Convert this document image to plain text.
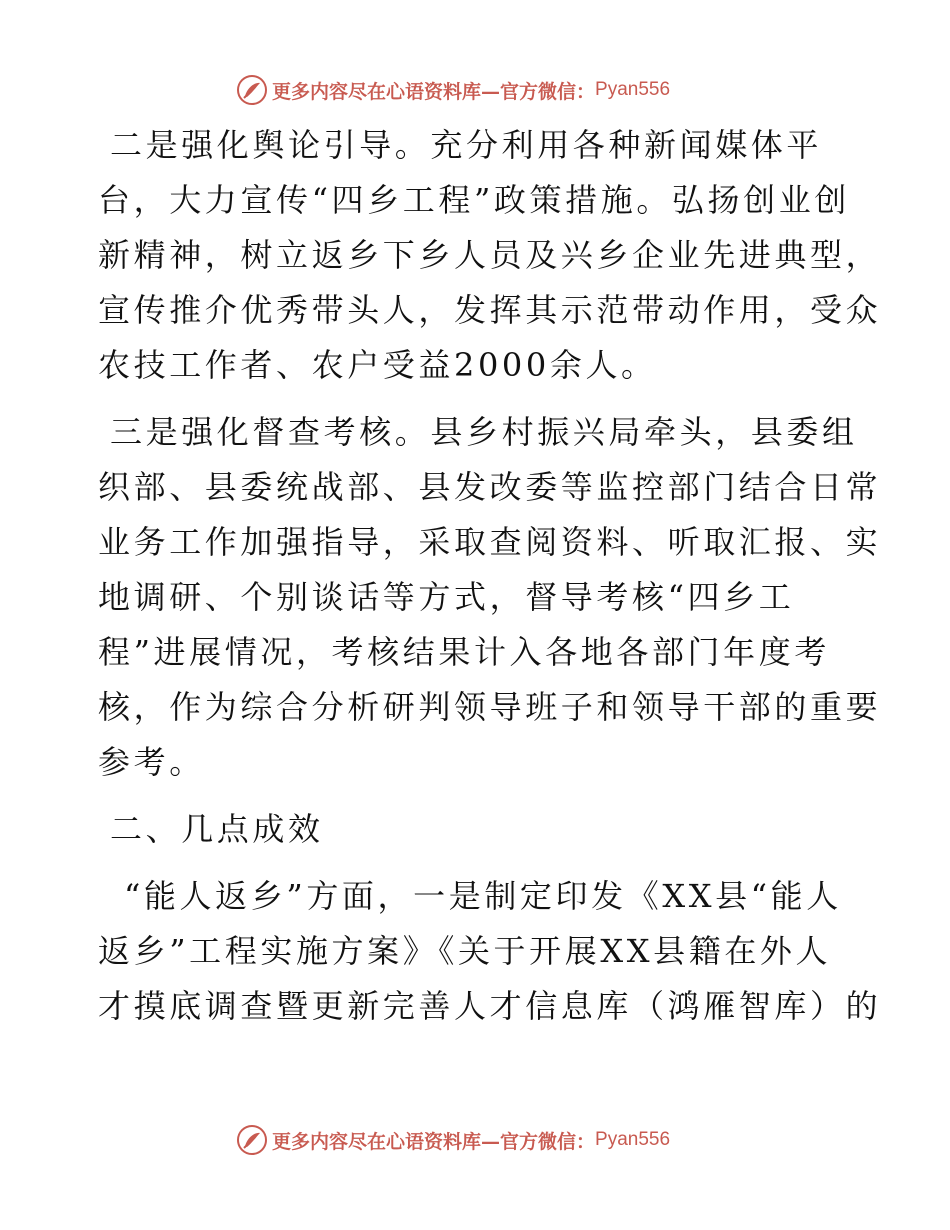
更多内容尽在心语资料库—官方微信： Pyan556

二是强化舆论引导。充分利用各种新闻媒体平
台，大力宣传“四乡工程”政策措施。弘扬创业创
新精神，树立返乡下乡人员及兴乡企业先进典型，
宣传推介优秀带头人，发挥其示范带动作用，受众
农技工作者、农户受益2000余人。

三是强化督查考核。县乡村振兴局牵头，县委组
织部、县委统战部、县发改委等监控部门结合日常
业务工作加强指导，采取查阅资料、听取汇报、实
地调研、个别谈话等方式，督导考核“四乡工
程”进展情况，考核结果计入各地各部门年度考
核，作为综合分析研判领导班子和领导干部的重要
参考。

二、几点成效

“能人返乡”方面，一是制定印发《XX县“能人
返乡”工程实施方案》《关于开展XX县籍在外人
才摸底调查暨更新完善人才信息库（鸿雁智库）的

更多内容尽在心语资料库—官方微信： Pyan556
